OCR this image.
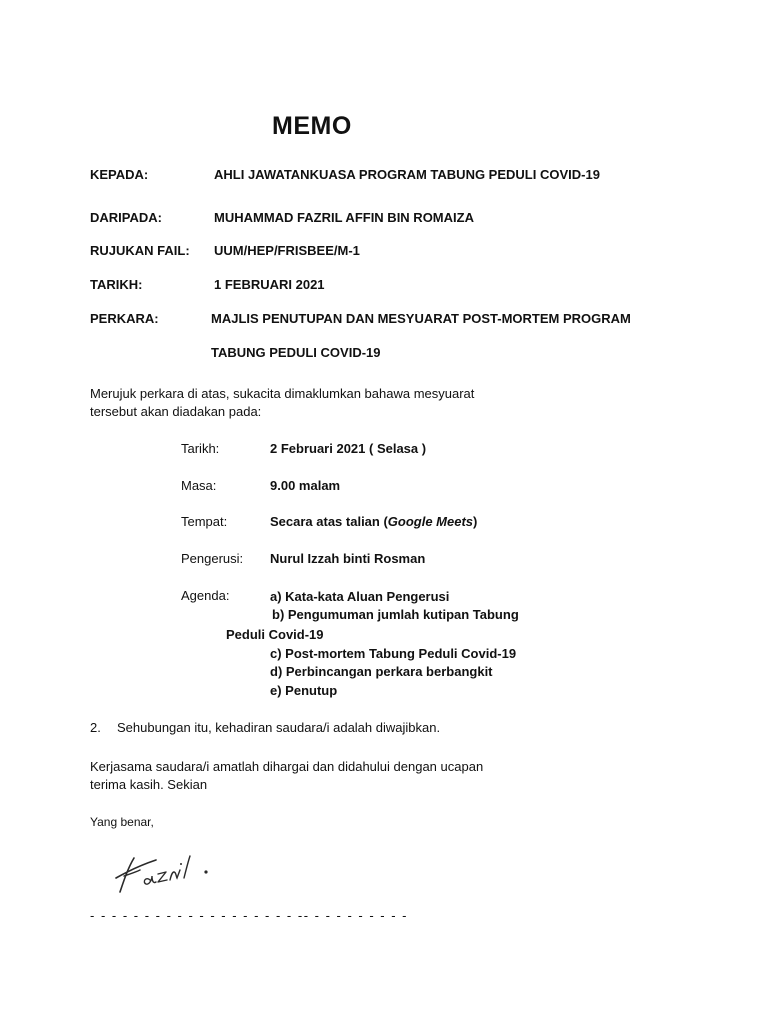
MEMO
KEPADA:	AHLI JAWATANKUASA PROGRAM TABUNG PEDULI COVID-19
DARIPADA:	MUHAMMAD FAZRIL AFFIN BIN ROMAIZA
RUJUKAN FAIL: UUM/HEP/FRISBEE/M-1
TARIKH:	1 FEBRUARI 2021
PERKARA:	MAJLIS PENUTUPAN DAN MESYUARAT POST-MORTEM PROGRAM
TABUNG PEDULI COVID-19
Merujuk perkara di atas, sukacita dimaklumkan bahawa mesyuarat
tersebut akan diadakan pada:
Tarikh:	2 Februari 2021 ( Selasa )
Masa:	9.00 malam
Tempat:	Secara atas talian (Google Meets)
Pengerusi: Nurul Izzah binti Rosman
Agenda:	a) Kata-kata Aluan Pengerusi
b) Pengumuman jumlah kutipan Tabung
Peduli Covid-19
c) Post-mortem Tabung Peduli Covid-19
d) Perbincangan perkara berbangkit
e) Penutup
2. Sehubungan itu, kehadiran saudara/i adalah diwajibkan.
Kerjasama saudara/i amatlah dihargai dan didahului dengan ucapan
terima kasih. Sekian
Yang benar,
- - - - - - - - - - - - - - - - - - - -- - - - - - - - - -
